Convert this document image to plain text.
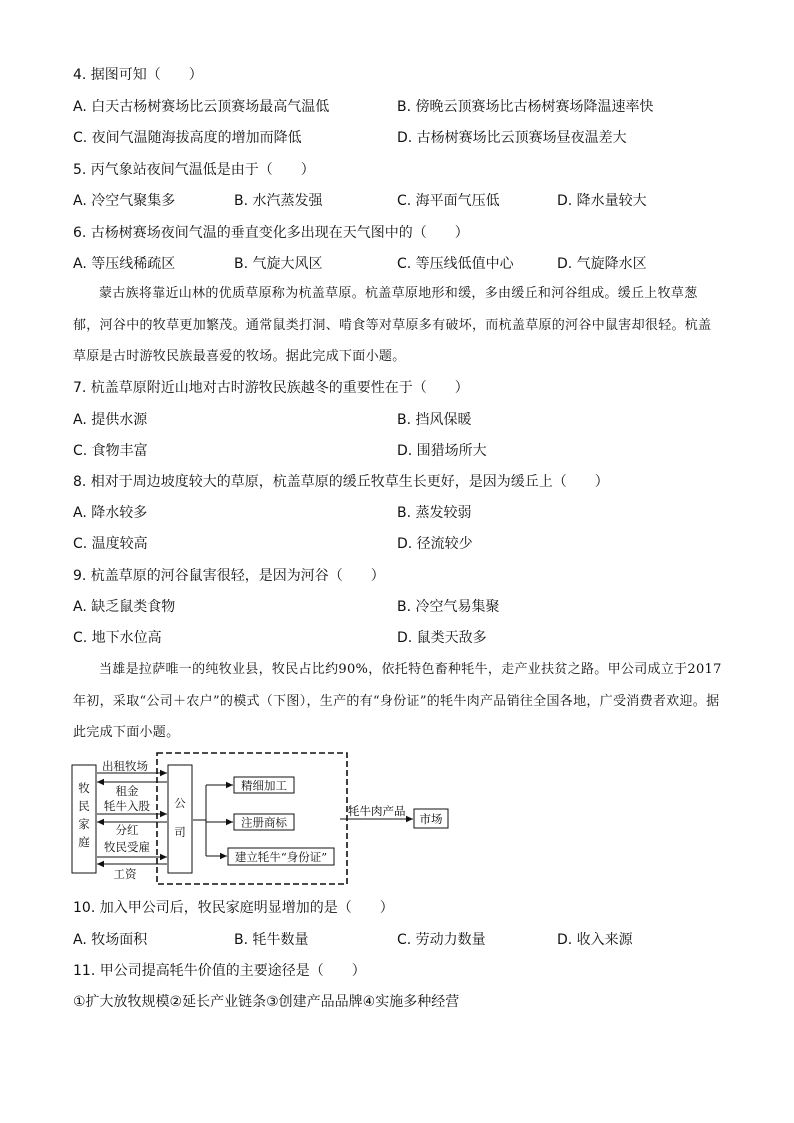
4. 据图可知（　　）
A. 白天古杨树赛场比云顶赛场最高气温低	B. 傍晚云顶赛场比古杨树赛场降温速率快
C. 夜间气温随海拔高度的增加而降低	D. 古杨树赛场比云顶赛场昼夜温差大
5. 丙气象站夜间气温低是由于（　　）
A. 冷空气聚集多	B. 水汽蒸发强	C. 海平面气压低	D. 降水量较大
6. 古杨树赛场夜间气温的垂直变化多出现在天气图中的（　　）
A. 等压线稀疏区	B. 气旋大风区	C. 等压线低值中心	D. 气旋降水区
蒙古族将靠近山林的优质草原称为杭盖草原。杭盖草原地形和缓，多由缓丘和河谷组成。缓丘上牧草葱郁，河谷中的牧草更加繁茂。通常鼠类打洞、啃食等对草原多有破坏，而杭盖草原的河谷中鼠害却很轻。杭盖草原是古时游牧民族最喜爱的牧场。据此完成下面小题。
7. 杭盖草原附近山地对古时游牧民族越冬的重要性在于（　　）
A. 提供水源	B. 挡风保暖
C. 食物丰富	D. 围猎场所大
8. 相对于周边坡度较大的草原，杭盖草原的缓丘牧草生长更好，是因为缓丘上（　　）
A. 降水较多	B. 蒸发较弱
C. 温度较高	D. 径流较少
9. 杭盖草原的河谷鼠害很轻，是因为河谷（　　）
A. 缺乏鼠类食物	B. 冷空气易集聚
C. 地下水位高	D. 鼠类天敌多
当雄是拉萨唯一的纯牧业县，牧民占比约90%，依托特色畜种牦牛，走产业扶贫之路。甲公司成立于2017年初，采取“公司＋农户”的模式（下图），生产的有“身份证”的牦牛肉产品销往全国各地，广受消费者欢迎。据此完成下面小题。
牧
民
家
庭
公
司
出租牧场
租金
牦牛入股
分红
牧民受雇
工资
精细加工
注册商标
建立牦牛“身份证”
牦牛肉产品
市场
10. 加入甲公司后，牧民家庭明显增加的是（　　）
A. 牧场面积	B. 牦牛数量	C. 劳动力数量	D. 收入来源
11. 甲公司提高牦牛价值的主要途径是（　　）
①扩大放牧规模②延长产业链条③创建产品品牌④实施多种经营
